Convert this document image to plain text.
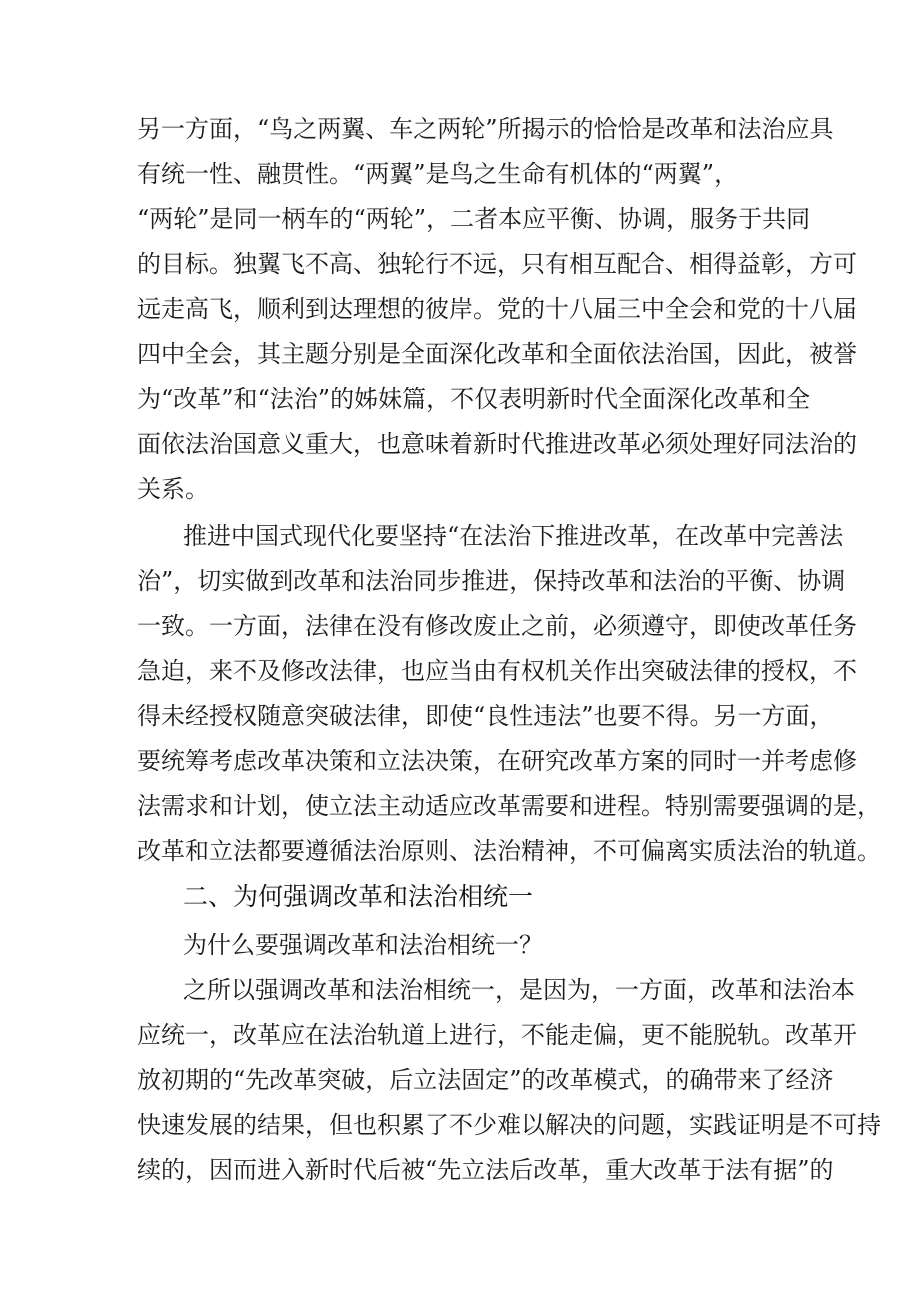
另一方面，“鸟之两翼、车之两轮”所揭示的恰恰是改革和法治应具
有统一性、融贯性。“两翼”是鸟之生命有机体的“两翼”，
“两轮”是同一柄车的“两轮”，二者本应平衡、协调，服务于共同
的目标。独翼飞不高、独轮行不远，只有相互配合、相得益彰，方可
远走高飞，顺利到达理想的彼岸。党的十八届三中全会和党的十八届
四中全会，其主题分别是全面深化改革和全面依法治国，因此，被誉
为“改革”和“法治”的姊妹篇，不仅表明新时代全面深化改革和全
面依法治国意义重大，也意味着新时代推进改革必须处理好同法治的
关系。
推进中国式现代化要坚持“在法治下推进改革，在改革中完善法
治”，切实做到改革和法治同步推进，保持改革和法治的平衡、协调
一致。一方面，法律在没有修改废止之前，必须遵守，即使改革任务
急迫，来不及修改法律，也应当由有权机关作出突破法律的授权，不
得未经授权随意突破法律，即使“良性违法”也要不得。另一方面，
要统筹考虑改革决策和立法决策，在研究改革方案的同时一并考虑修
法需求和计划，使立法主动适应改革需要和进程。特别需要强调的是，
改革和立法都要遵循法治原则、法治精神，不可偏离实质法治的轨道。
二、为何强调改革和法治相统一
为什么要强调改革和法治相统一？
之所以强调改革和法治相统一，是因为，一方面，改革和法治本
应统一，改革应在法治轨道上进行，不能走偏，更不能脱轨。改革开
放初期的“先改革突破，后立法固定”的改革模式，的确带来了经济
快速发展的结果，但也积累了不少难以解决的问题，实践证明是不可持
续的，因而进入新时代后被“先立法后改革，重大改革于法有据”的
